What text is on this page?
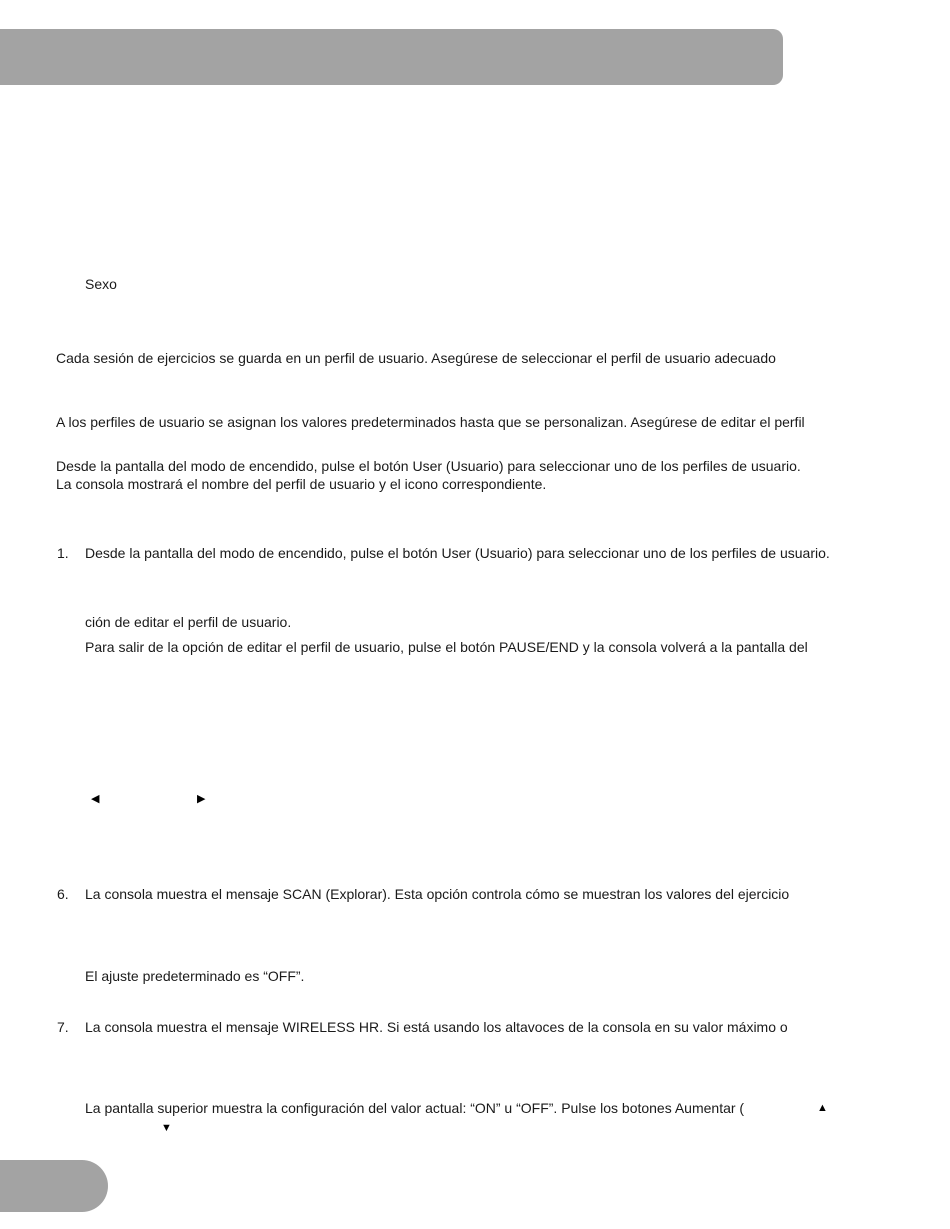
Sexo
Cada sesión de ejercicios se guarda en un perfil de usuario. Asegúrese de seleccionar el perfil de usuario adecuado
A los perfiles de usuario se asignan los valores predeterminados hasta que se personalizan. Asegúrese de editar el perfil
Desde la pantalla del modo de encendido, pulse el botón User (Usuario) para seleccionar uno de los perfiles de usuario.
La consola mostrará el nombre del perfil de usuario y el icono correspondiente.
1. Desde la pantalla del modo de encendido, pulse el botón User (Usuario) para seleccionar uno de los perfiles de usuario.
ción de editar el perfil de usuario.
Para salir de la opción de editar el perfil de usuario, pulse el botón PAUSE/END y la consola volverá a la pantalla del
◀	▶
6. La consola muestra el mensaje SCAN (Explorar). Esta opción controla cómo se muestran los valores del ejercicio
El ajuste predeterminado es “OFF”.
7. La consola muestra el mensaje WIRELESS HR. Si está usando los altavoces de la consola en su valor máximo o
La pantalla superior muestra la configuración del valor actual: “ON” u “OFF”. Pulse los botones Aumentar (	▲
▼
